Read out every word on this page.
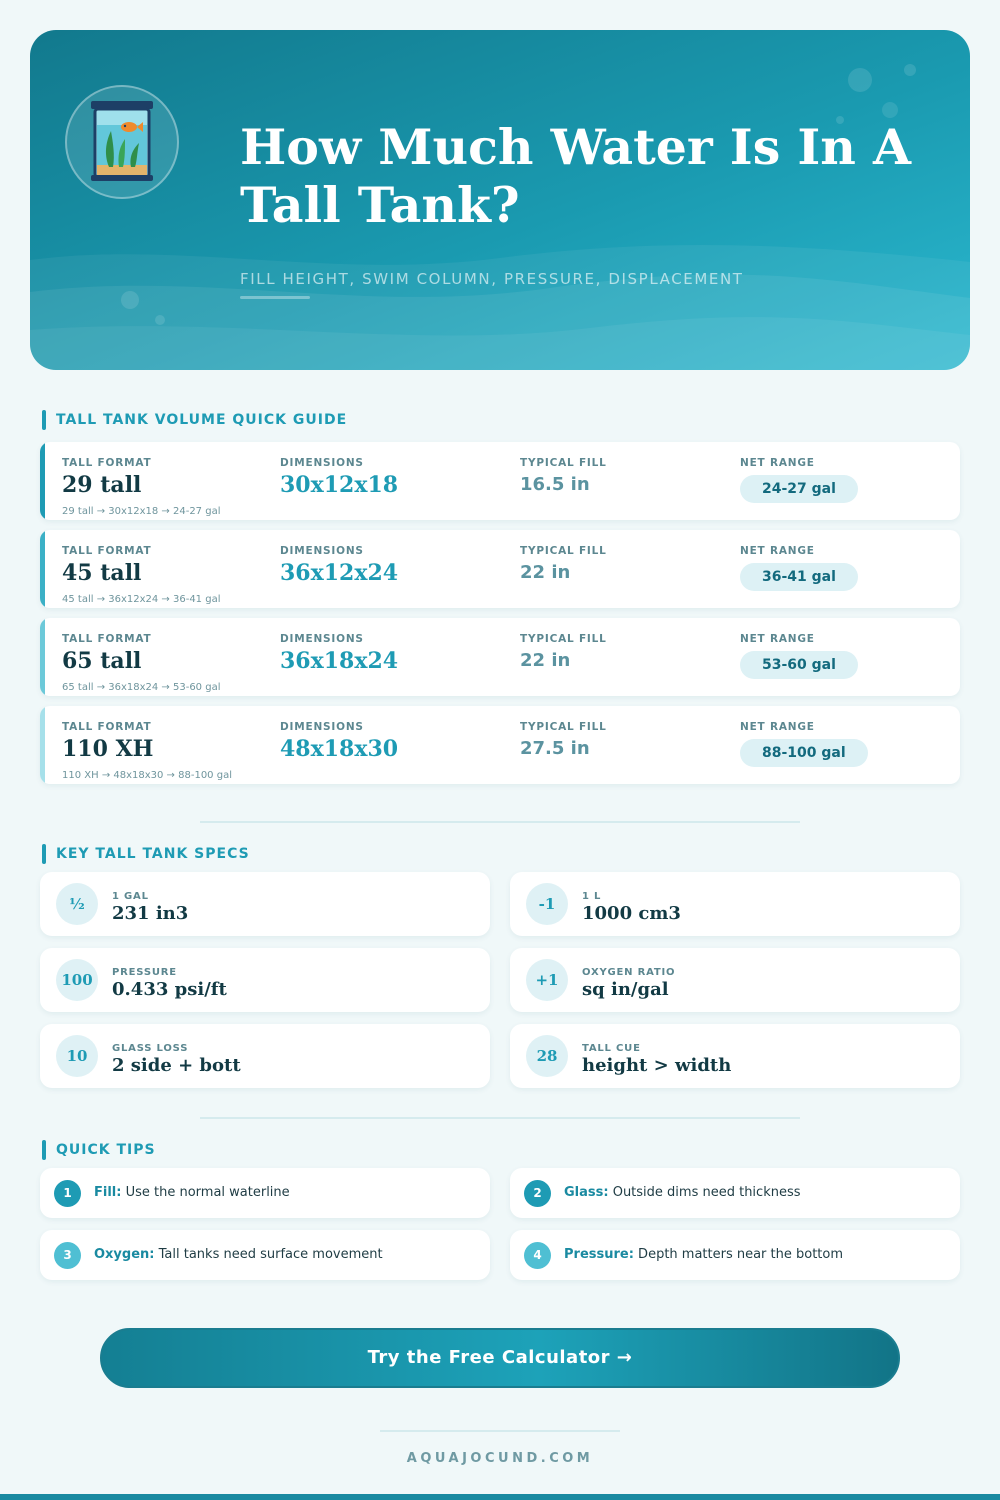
How Much Water Is In A Tall Tank?
FILL HEIGHT, SWIM COLUMN, PRESSURE, DISPLACEMENT
TALL TANK VOLUME QUICK GUIDE
TALL FORMAT
29 tall
DIMENSIONS
30x12x18
TYPICAL FILL
16.5 in
NET RANGE
24-27 gal
29 tall → 30x12x18 → 24-27 gal
TALL FORMAT
45 tall
DIMENSIONS
36x12x24
TYPICAL FILL
22 in
NET RANGE
36-41 gal
45 tall → 36x12x24 → 36-41 gal
TALL FORMAT
65 tall
DIMENSIONS
36x18x24
TYPICAL FILL
22 in
NET RANGE
53-60 gal
65 tall → 36x18x24 → 53-60 gal
TALL FORMAT
110 XH
DIMENSIONS
48x18x30
TYPICAL FILL
27.5 in
NET RANGE
88-100 gal
110 XH → 48x18x30 → 88-100 gal
KEY TALL TANK SPECS
½	1 GAL
231 in3	-1	1 L
1000 cm3
100	PRESSURE
0.433 psi/ft	+1	OXYGEN RATIO
sq in/gal
10	GLASS LOSS
2 side + bott	28	TALL CUE
height > width
QUICK TIPS
1	Fill: Use the normal waterline	2	Glass: Outside dims need thickness
3	Oxygen: Tall tanks need surface movement	4	Pressure: Depth matters near the bottom
Try the Free Calculator →
AQUAJOCUND.COM
